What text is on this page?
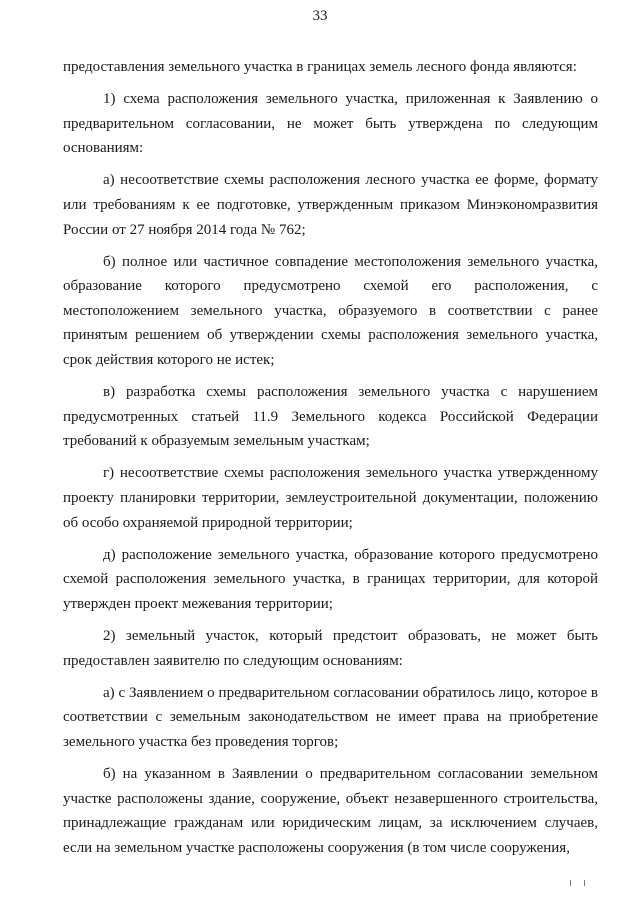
33

предоставления земельного участка в границах земель лесного фонда являются:

1) схема расположения земельного участка, приложенная к Заявлению о предварительном согласовании, не может быть утверждена по следующим основаниям:

а) несоответствие схемы расположения лесного участка ее форме, формату или требованиям к ее подготовке, утвержденным приказом Минэкономразвития России от 27 ноября 2014 года № 762;

б) полное или частичное совпадение местоположения земельного участка, образование которого предусмотрено схемой его расположения, с местоположением земельного участка, образуемого в соответствии с ранее принятым решением об утверждении схемы расположения земельного участка, срок действия которого не истек;

в) разработка схемы расположения земельного участка с нарушением предусмотренных статьей 11.9 Земельного кодекса Российской Федерации требований к образуемым земельным участкам;

г) несоответствие схемы расположения земельного участка утвержденному проекту планировки территории, землеустроительной документации, положению об особо охраняемой природной территории;

д) расположение земельного участка, образование которого предусмотрено схемой расположения земельного участка, в границах территории, для которой утвержден проект межевания территории;

2) земельный участок, который предстоит образовать, не может быть предоставлен заявителю по следующим основаниям:

а) с Заявлением о предварительном согласовании обратилось лицо, которое в соответствии с земельным законодательством не имеет права на приобретение земельного участка без проведения торгов;

б) на указанном в Заявлении о предварительном согласовании земельном участке расположены здание, сооружение, объект незавершенного строительства, принадлежащие гражданам или юридическим лицам, за исключением случаев, если на земельном участке расположены сооружения (в том числе сооружения,
